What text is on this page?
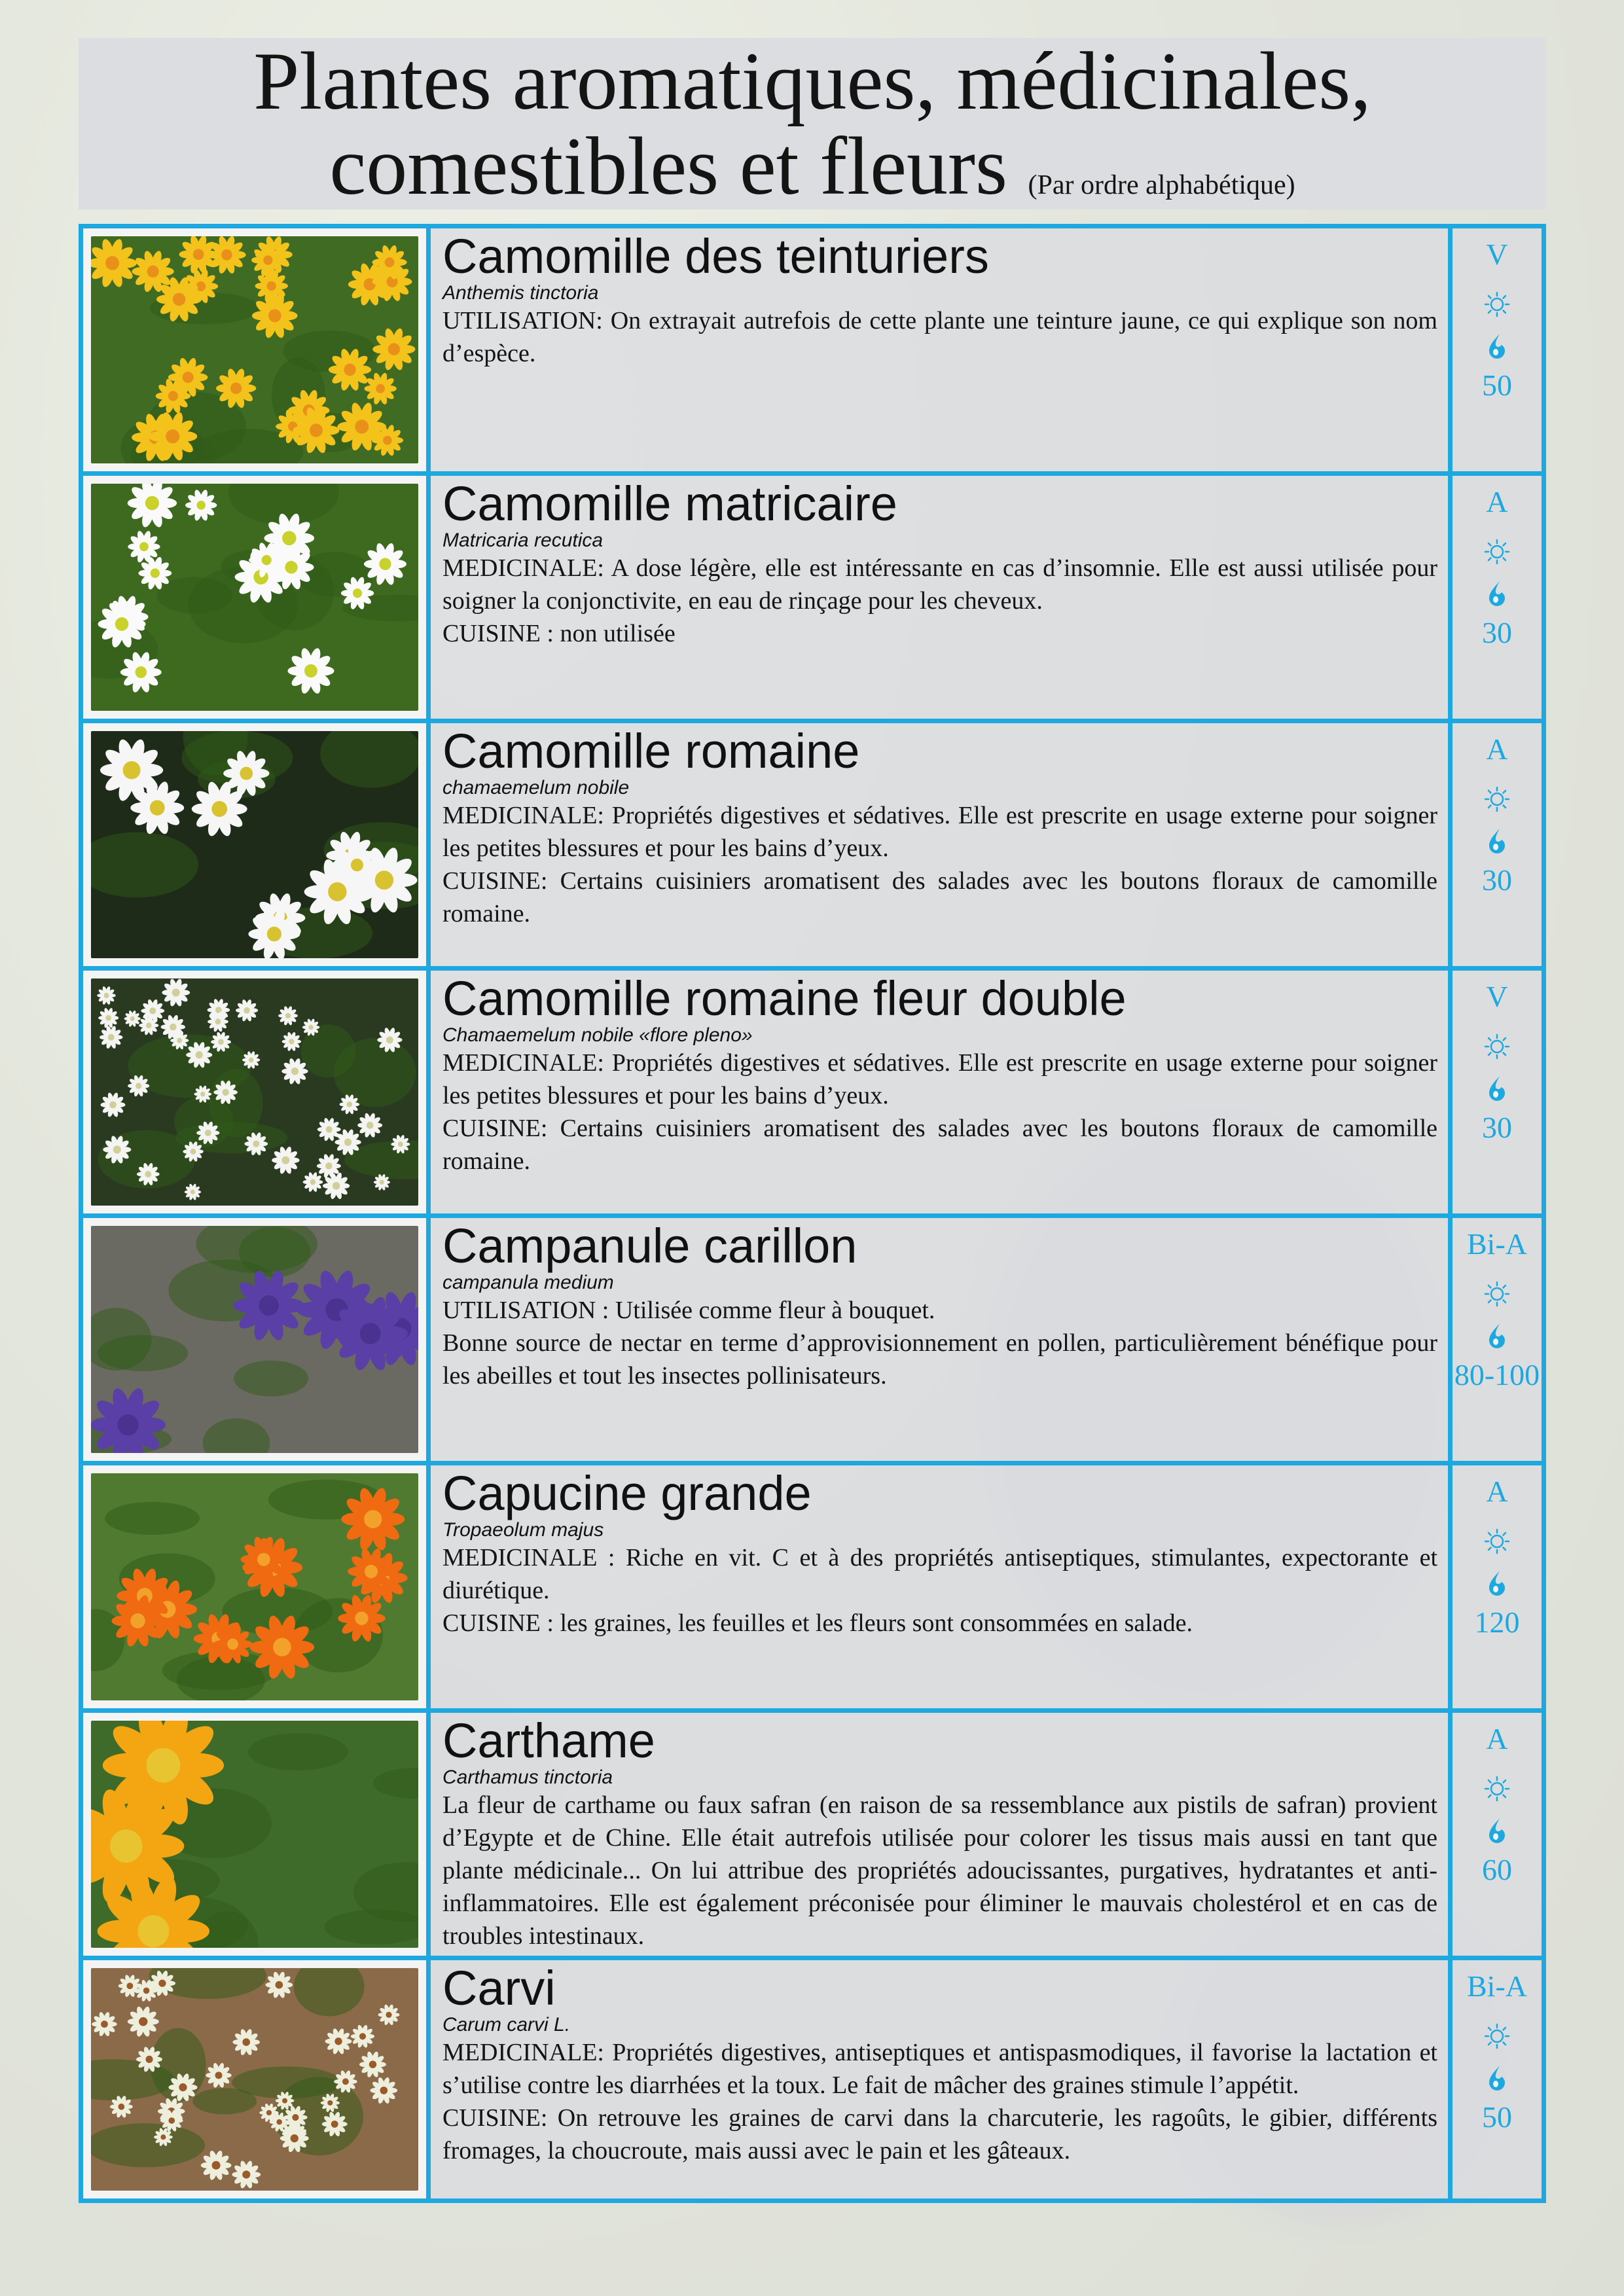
Plantes aromatiques, médicinales,
comestibles et fleurs (Par ordre alphabétique)
Camomille des teinturiers
Anthemis tinctoria
UTILISATION: On extrayait autrefois de cette plante une teinture jaune, ce qui explique son nom d’espèce.
V
50
Camomille matricaire
Matricaria recutica
MEDICINALE: A dose légère, elle est intéressante en cas d’insomnie. Elle est aussi utilisée pour soigner la conjonctivite, en eau de rinçage pour les cheveux.
CUISINE : non utilisée
A
30
Camomille romaine
chamaemelum nobile
MEDICINALE: Propriétés digestives et sédatives. Elle est prescrite en usage externe pour soigner les petites blessures et pour les bains d’yeux.
CUISINE: Certains cuisiniers aromatisent des salades avec les boutons floraux de camomille romaine.
A
30
Camomille romaine fleur double
Chamaemelum nobile «flore pleno»
MEDICINALE: Propriétés digestives et sédatives. Elle est prescrite en usage externe pour soigner les petites blessures et pour les bains d’yeux.
CUISINE: Certains cuisiniers aromatisent des salades avec les boutons floraux de camomille romaine.
V
30
Campanule carillon
campanula medium
UTILISATION : Utilisée comme fleur à bouquet.
Bonne source de nectar en terme d’approvisionnement en pollen, particulièrement bénéfique pour les abeilles et tout les insectes pollinisateurs.
Bi-A
80-100
Capucine grande
Tropaeolum majus
MEDICINALE : Riche en vit. C et à des propriétés antiseptiques, stimulantes, expectorante et diurétique.
CUISINE : les graines, les feuilles et les fleurs sont consommées en salade.
A
120
Carthame
Carthamus tinctoria
La fleur de carthame ou faux safran (en raison de sa ressemblance aux pistils de safran) provient d’Egypte et de Chine. Elle était autrefois utilisée pour colorer les tissus mais aussi en tant que plante médicinale... On lui attribue des propriétés adoucissantes, purgatives, hydratantes et anti-inflammatoires. Elle est également préconisée pour éliminer le mauvais cholestérol et en cas de troubles intestinaux.
A
60
Carvi
Carum carvi L.
MEDICINALE: Propriétés digestives, antiseptiques et antispasmodiques, il favorise la lactation et s’utilise contre les diarrhées et la toux. Le fait de mâcher des graines stimule l’appétit.
CUISINE: On retrouve les graines de carvi dans la charcuterie, les ragoûts, le gibier, différents fromages, la choucroute, mais aussi avec le pain et les gâteaux.
Bi-A
50
